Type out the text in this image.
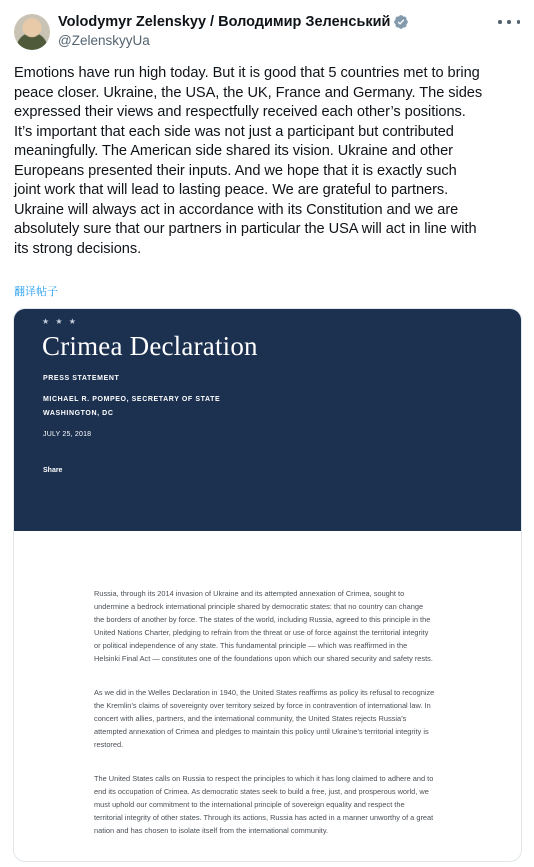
Volodymyr Zelenskyy / Володимир Зеленський
@ZelenskyyUa
Emotions have run high today. But it is good that 5 countries met to bring
peace closer. Ukraine, the USA, the UK, France and Germany. The sides
expressed their views and respectfully received each other’s positions.
It’s important that each side was not just a participant but contributed
meaningfully. The American side shared its vision. Ukraine and other
Europeans presented their inputs. And we hope that it is exactly such
joint work that will lead to lasting peace. We are grateful to partners.
Ukraine will always act in accordance with its Constitution and we are
absolutely sure that our partners in particular the USA will act in line with
its strong decisions.
翻译帖子
★ ★ ★
Crimea Declaration
PRESS STATEMENT
MICHAEL R. POMPEO, SECRETARY OF STATE
WASHINGTON, DC
JULY 25, 2018
Share
Russia, through its 2014 invasion of Ukraine and its attempted annexation of Crimea, sought to
undermine a bedrock international principle shared by democratic states: that no country can change
the borders of another by force. The states of the world, including Russia, agreed to this principle in the
United Nations Charter, pledging to refrain from the threat or use of force against the territorial integrity
or political independence of any state. This fundamental principle — which was reaffirmed in the
Helsinki Final Act — constitutes one of the foundations upon which our shared security and safety rests.
As we did in the Welles Declaration in 1940, the United States reaffirms as policy its refusal to recognize
the Kremlin’s claims of sovereignty over territory seized by force in contravention of international law. In
concert with allies, partners, and the international community, the United States rejects Russia’s
attempted annexation of Crimea and pledges to maintain this policy until Ukraine’s territorial integrity is
restored.
The United States calls on Russia to respect the principles to which it has long claimed to adhere and to
end its occupation of Crimea. As democratic states seek to build a free, just, and prosperous world, we
must uphold our commitment to the international principle of sovereign equality and respect the
territorial integrity of other states. Through its actions, Russia has acted in a manner unworthy of a great
nation and has chosen to isolate itself from the international community.
